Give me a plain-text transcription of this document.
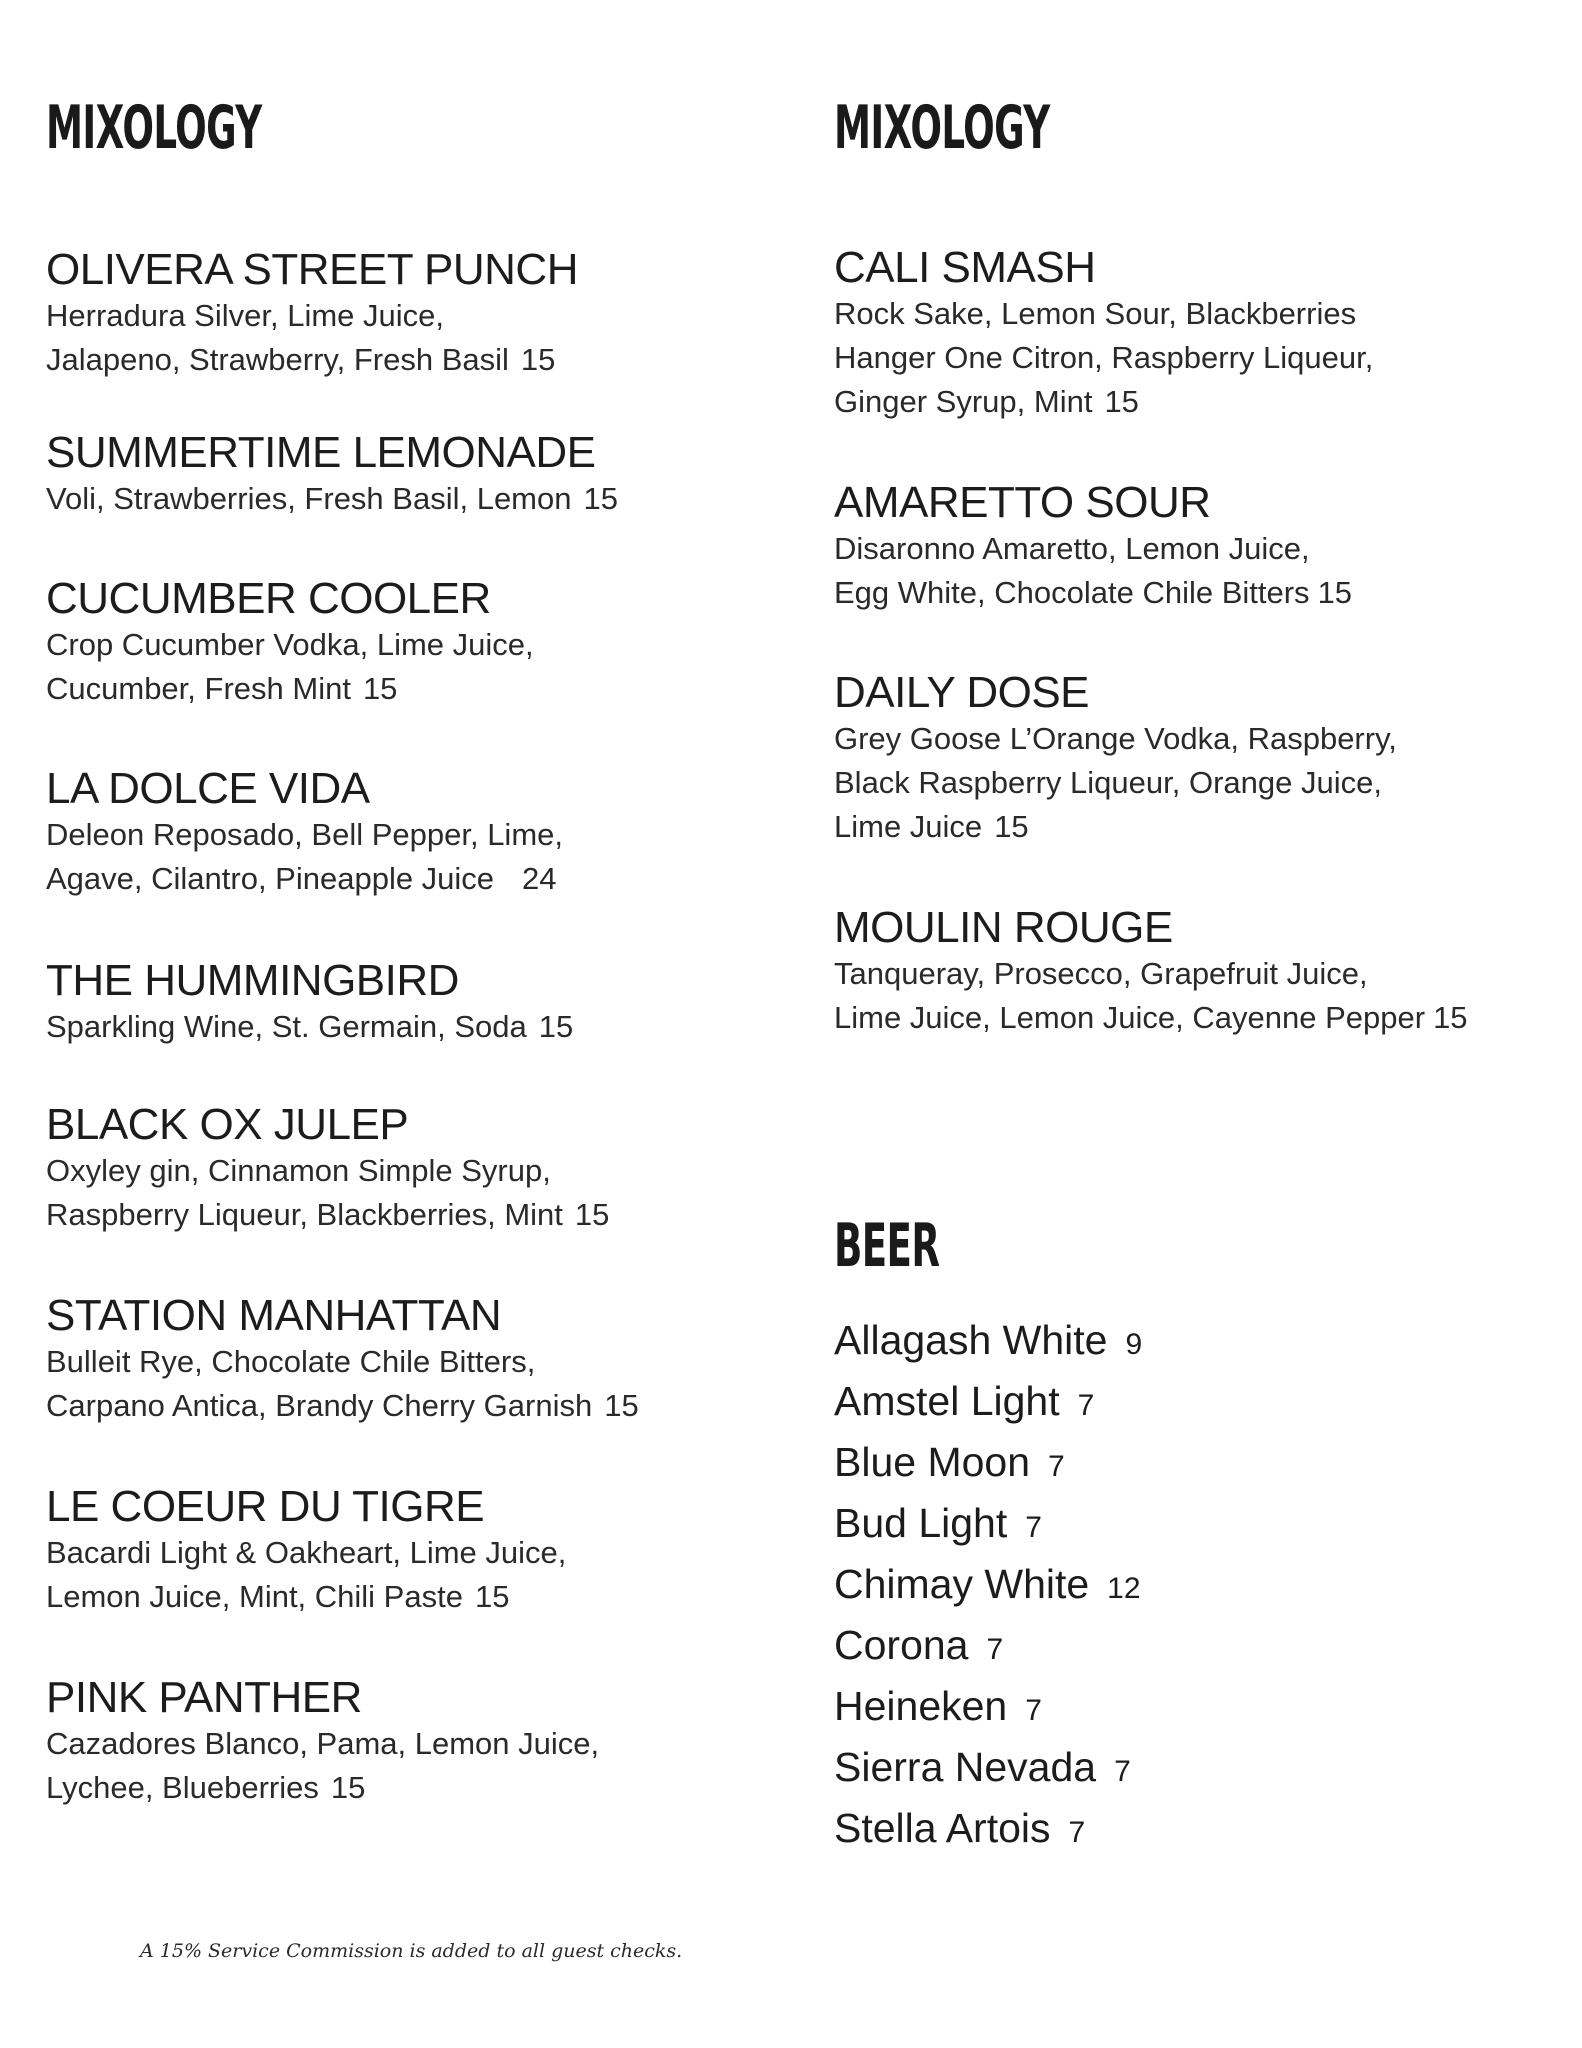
MIXOLOGY
OLIVERA STREET PUNCH
Herradura Silver, Lime Juice,
Jalapeno, Strawberry, Fresh Basil 15
SUMMERTIME LEMONADE
Voli, Strawberries, Fresh Basil, Lemon 15
CUCUMBER COOLER
Crop Cucumber Vodka, Lime Juice,
Cucumber, Fresh Mint 15
LA DOLCE VIDA
Deleon Reposado, Bell Pepper, Lime,
Agave, Cilantro, Pineapple Juice 24
THE HUMMINGBIRD
Sparkling Wine, St. Germain, Soda 15
BLACK OX JULEP
Oxyley gin, Cinnamon Simple Syrup,
Raspberry Liqueur, Blackberries, Mint 15
STATION MANHATTAN
Bulleit Rye, Chocolate Chile Bitters,
Carpano Antica, Brandy Cherry Garnish 15
LE COEUR DU TIGRE
Bacardi Light & Oakheart, Lime Juice,
Lemon Juice, Mint, Chili Paste 15
PINK PANTHER
Cazadores Blanco, Pama, Lemon Juice,
Lychee, Blueberries 15
MIXOLOGY
CALI SMASH
Rock Sake, Lemon Sour, Blackberries
Hanger One Citron, Raspberry Liqueur,
Ginger Syrup, Mint 15
AMARETTO SOUR
Disaronno Amaretto, Lemon Juice,
Egg White, Chocolate Chile Bitters 15
DAILY DOSE
Grey Goose L’Orange Vodka, Raspberry,
Black Raspberry Liqueur, Orange Juice,
Lime Juice 15
MOULIN ROUGE
Tanqueray, Prosecco, Grapefruit Juice,
Lime Juice, Lemon Juice, Cayenne Pepper 15
BEER
Allagash White 9
Amstel Light 7
Blue Moon 7
Bud Light 7
Chimay White 12
Corona 7
Heineken 7
Sierra Nevada 7
Stella Artois 7
A 15% Service Commission is added to all guest checks.
